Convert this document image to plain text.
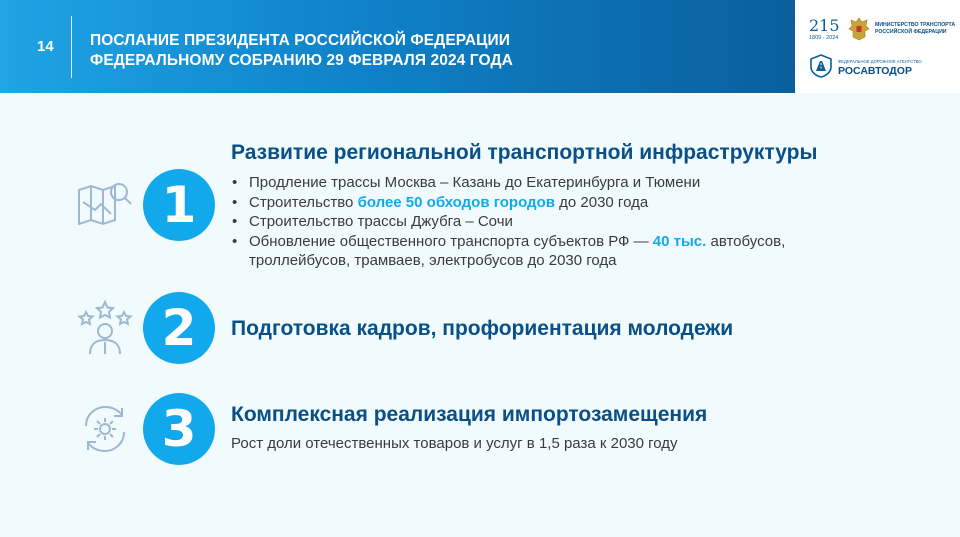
14 ПОСЛАНИЕ ПРЕЗИДЕНТА РОССИЙСКОЙ ФЕДЕРАЦИИ
ФЕДЕРАЛЬНОМУ СОБРАНИЮ 29 ФЕВРАЛЯ 2024 ГОДА
215
1809 - 2024
МИНИСТЕРСТВО ТРАНСПОРТА
РОССИЙСКОЙ ФЕДЕРАЦИИ
ФЕДЕРАЛЬНОЕ ДОРОЖНОЕ АГЕНТСТВО
РОСАВТОДОР
1
Развитие региональной транспортной инфраструктуры
• Продление трассы Москва – Казань до Екатеринбурга и Тюмени
• Строительство более 50 обходов городов до 2030 года
• Строительство трассы Джубга – Сочи
• Обновление общественного транспорта субъектов РФ — 40 тыс. автобусов,
троллейбусов, трамваев, электробусов до 2030 года
2	Подготовка кадров, профориентация молодежи
3	Комплексная реализация импортозамещения
Рост доли отечественных товаров и услуг в 1,5 раза к 2030 году
